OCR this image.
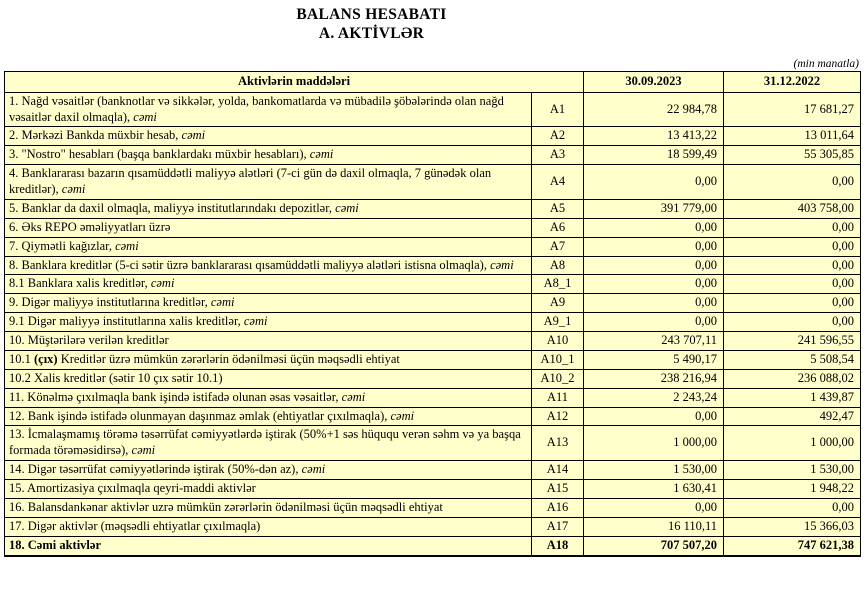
BALANS HESABATI
A. AKTİVLƏR
(min manatla)
Aktivlərin maddələri		30.09.2023	31.12.2022
1. Nağd vəsaitlər (banknotlar və sikkələr, yolda, bankomatlarda və mübadilə şöbələrində olan nağd vəsaitlər daxil olmaqla), cəmi	A1	22 984,78	17 681,27
2. Mərkəzi Bankda müxbir hesab, cəmi	A2	13 413,22	13 011,64
3. "Nostro" hesabları (başqa banklardakı müxbir hesabları), cəmi	A3	18 599,49	55 305,85
4. Banklararası bazarın qısamüddətli maliyyə alətləri (7-ci gün də daxil olmaqla, 7 günədək olan kreditlər), cəmi	A4	0,00	0,00
5. Banklar da daxil olmaqla, maliyyə institutlarındakı depozitlər, cəmi	A5	391 779,00	403 758,00
6. Əks REPO əməliyyatları üzrə	A6	0,00	0,00
7. Qiymətli kağızlar, cəmi	A7	0,00	0,00
8. Banklara kreditlər (5-ci sətir üzrə banklararası qısamüddətli maliyyə alətləri istisna olmaqla), cəmi	A8	0,00	0,00
8.1 Banklara xalis kreditlər, cəmi	A8_1	0,00	0,00
9. Digər maliyyə institutlarına kreditlər, cəmi	A9	0,00	0,00
9.1 Digər maliyyə institutlarına xalis kreditlər, cəmi	A9_1	0,00	0,00
10. Müştərilərə verilən kreditlər	A10	243 707,11	241 596,55
10.1 (çıx) Kreditlər üzrə mümkün zərərlərin ödənilməsi üçün məqsədli ehtiyat	A10_1	5 490,17	5 508,54
10.2 Xalis kreditlər (sətir 10 çıx sətir 10.1)	A10_2	238 216,94	236 088,02
11. Könəlmə çıxılmaqla bank işində istifadə olunan əsas vəsaitlər, cəmi	A11	2 243,24	1 439,87
12. Bank işində istifadə olunmayan daşınmaz əmlak (ehtiyatlar çıxılmaqla), cəmi	A12	0,00	492,47
13. İcmalaşmamış törəmə təsərrüfat cəmiyyətlərdə iştirak (50%+1 səs hüququ verən səhm və ya başqa formada törəməsidirsə), cəmi	A13	1 000,00	1 000,00
14. Digər təsərrüfat cəmiyyətlərində iştirak (50%-dən az), cəmi	A14	1 530,00	1 530,00
15. Amortizasiya çıxılmaqla qeyri-maddi aktivlər	A15	1 630,41	1 948,22
16. Balansdankənar aktivlər uzrə mümkün zərərlərin ödənilməsi üçün məqsədli ehtiyat	A16	0,00	0,00
17. Digər aktivlər (məqsədli ehtiyatlar çıxılmaqla)	A17	16 110,11	15 366,03
18. Cəmi aktivlər	A18	707 507,20	747 621,38
